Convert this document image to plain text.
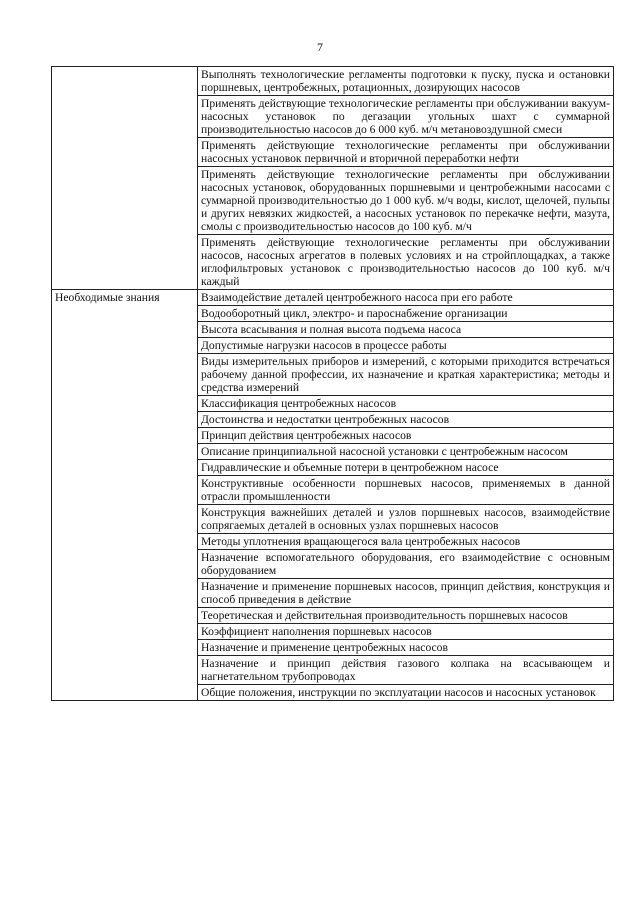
7
	Выполнять технологические регламенты подготовки к пуску, пуска и остановки поршневых, центробежных, ротационных, дозирующих насосов
	Применять действующие технологические регламенты при обслуживании вакуум-насосных установок по дегазации угольных шахт с суммарной производительностью насосов до 6 000 куб. м/ч метановоздушной смеси
	Применять действующие технологические регламенты при обслуживании насосных установок первичной и вторичной переработки нефти
	Применять действующие технологические регламенты при обслуживании насосных установок, оборудованных поршневыми и центробежными насосами с суммарной производительностью до 1 000 куб. м/ч воды, кислот, щелочей, пульпы и других невязких жидкостей, а насосных установок по перекачке нефти, мазута, смолы с производительностью насосов до 100 куб. м/ч
	Применять действующие технологические регламенты при обслуживании насосов, насосных агрегатов в полевых условиях и на стройплощадках, а также иглофильтровых установок с производительностью насосов до 100 куб. м/ч каждый
Необходимые знания	Взаимодействие деталей центробежного насоса при его работе
	Водооборотный цикл, электро- и пароснабжение организации
	Высота всасывания и полная высота подъема насоса
	Допустимые нагрузки насосов в процессе работы
	Виды измерительных приборов и измерений, с которыми приходится встречаться рабочему данной профессии, их назначение и краткая характеристика; методы и средства измерений
	Классификация центробежных насосов
	Достоинства и недостатки центробежных насосов
	Принцип действия центробежных насосов
	Описание принципиальной насосной установки с центробежным насосом
	Гидравлические и объемные потери в центробежном насосе
	Конструктивные особенности поршневых насосов, применяемых в данной отрасли промышленности
	Конструкция важнейших деталей и узлов поршневых насосов, взаимодействие сопрягаемых деталей в основных узлах поршневых насосов
	Методы уплотнения вращающегося вала центробежных насосов
	Назначение вспомогательного оборудования, его взаимодействие с основным оборудованием
	Назначение и применение поршневых насосов, принцип действия, конструкция и способ приведения в действие
	Теоретическая и действительная производительность поршневых насосов
	Коэффициент наполнения поршневых насосов
	Назначение и применение центробежных насосов
	Назначение и принцип действия газового колпака на всасывающем и нагнетательном трубопроводах
	Общие положения, инструкции по эксплуатации насосов и насосных установок
